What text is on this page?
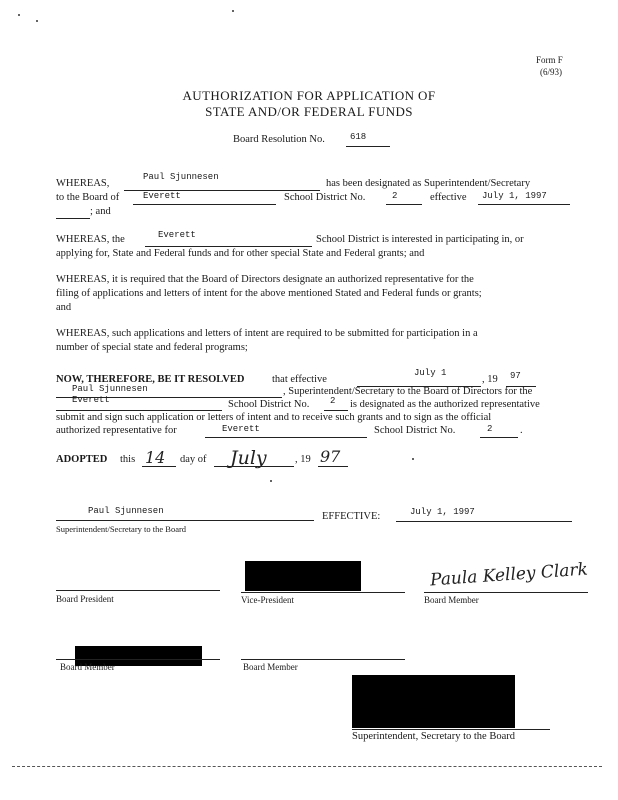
Form F
(6/93)
AUTHORIZATION FOR APPLICATION OF
STATE AND/OR FEDERAL FUNDS
Board Resolution No.	618
WHEREAS,
Paul Sjunnesen
has been designated as Superintendent/Secretary
to the Board of	Everett	School District No.	2	effective July 1, 1997
; and
WHEREAS, the	Everett	School District is interested in participating in, or
applying for, State and Federal funds and for other special State and Federal grants; and
WHEREAS, it is required that the Board of Directors designate an authorized representative for the
filing of applications and letters of intent for the above mentioned Stated and Federal funds or grants;
and
WHEREAS, such applications and letters of intent are required to be submitted for participation in a
number of special state and federal programs;
NOW, THEREFORE, BE IT RESOLVED	that effective
July 1
, 19 97
Paul Sjunnesen	, Superintendent/Secretary to the Board of Directors for the
Everett	School District No. 2 is designated as the authorized representative
submit and sign such application or letters of intent and to receive such grants and to sign as the official
authorized representative for	Everett	School District No.	2	.
ADOPTED this 14 day of July	, 19 97
Paul Sjunnesen
Superintendent/Secretary to the Board
EFFECTIVE:	July 1, 1997
Board President	Vice-President
Paula Kelley Clark
Board Member
Board Member	Board Member
Superintendent, Secretary to the Board
